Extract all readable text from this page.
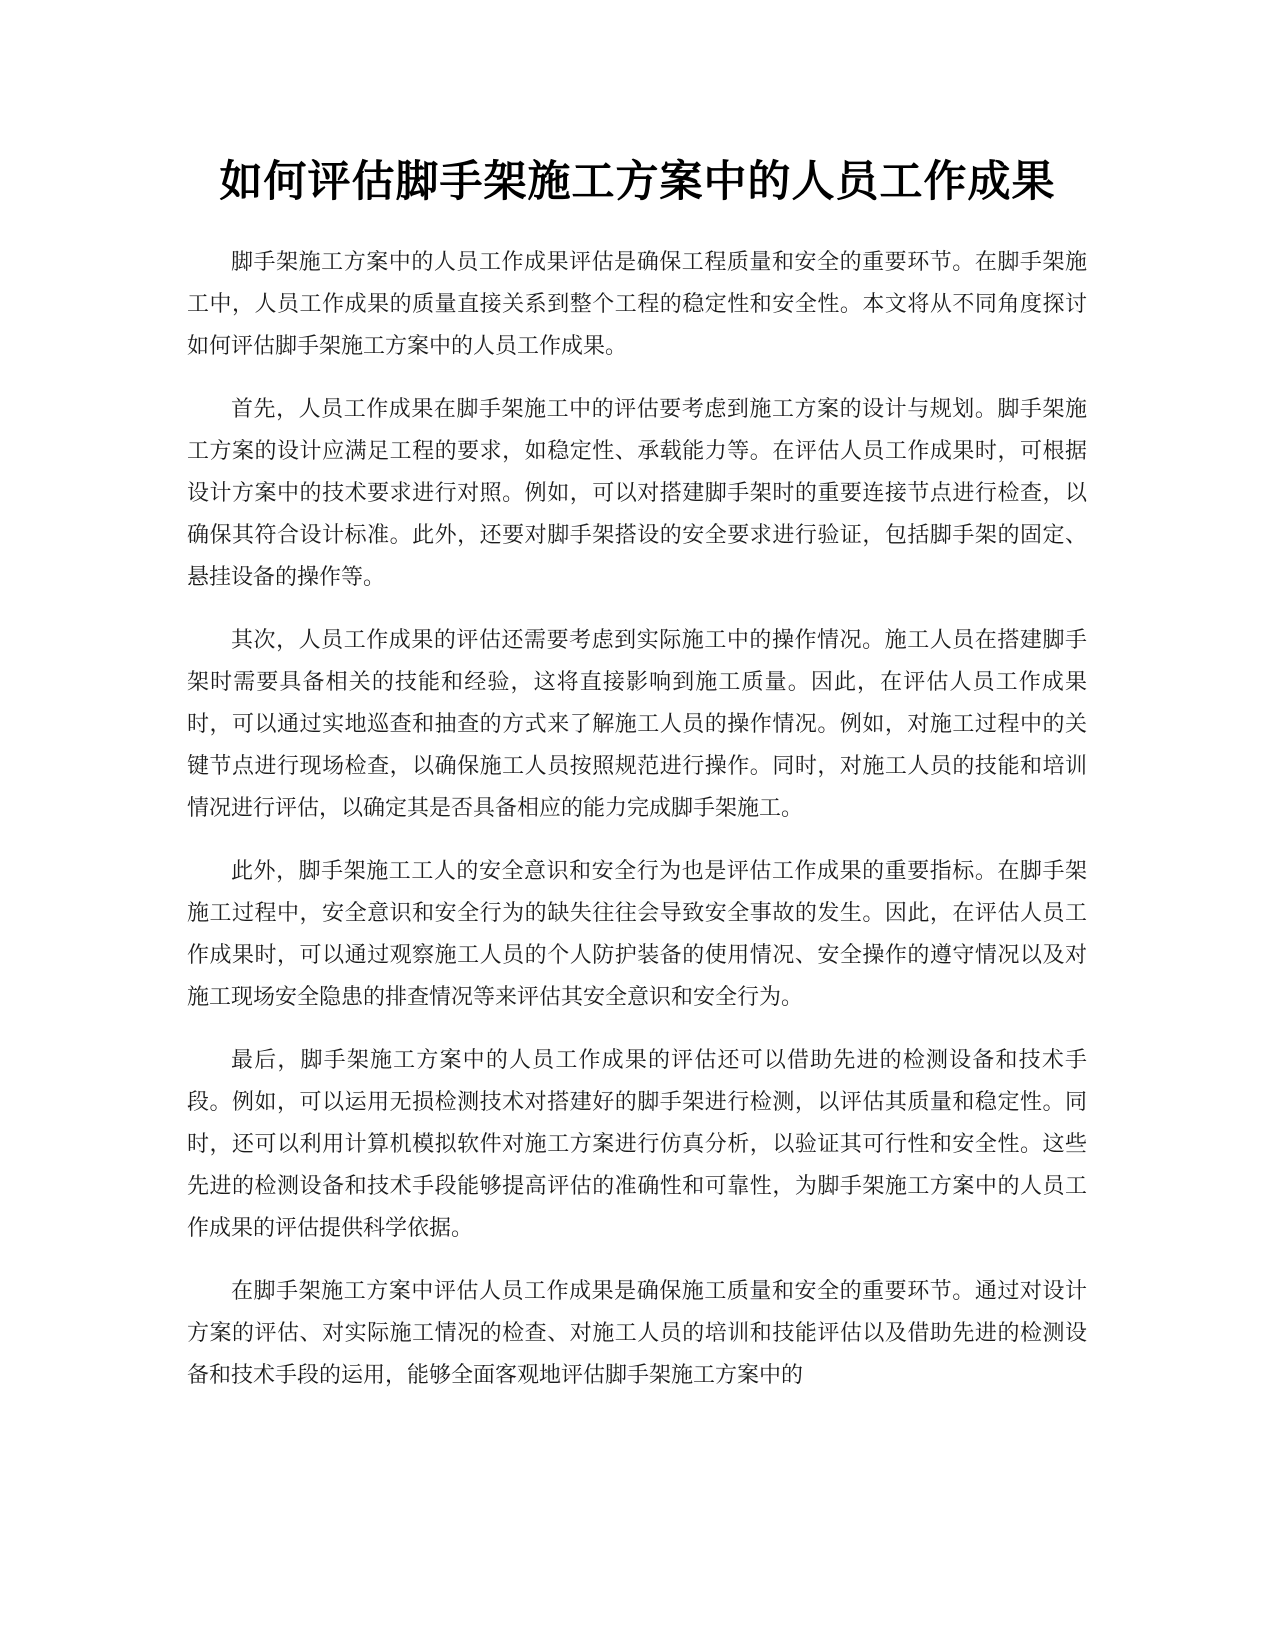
如何评估脚手架施工方案中的人员工作成果

脚手架施工方案中的人员工作成果评估是确保工程质量和安全的重要环节。在脚手架施工中，人员工作成果的质量直接关系到整个工程的稳定性和安全性。本文将从不同角度探讨如何评估脚手架施工方案中的人员工作成果。

首先，人员工作成果在脚手架施工中的评估要考虑到施工方案的设计与规划。脚手架施工方案的设计应满足工程的要求，如稳定性、承载能力等。在评估人员工作成果时，可根据设计方案中的技术要求进行对照。例如，可以对搭建脚手架时的重要连接节点进行检查，以确保其符合设计标准。此外，还要对脚手架搭设的安全要求进行验证，包括脚手架的固定、悬挂设备的操作等。

其次，人员工作成果的评估还需要考虑到实际施工中的操作情况。施工人员在搭建脚手架时需要具备相关的技能和经验，这将直接影响到施工质量。因此，在评估人员工作成果时，可以通过实地巡查和抽查的方式来了解施工人员的操作情况。例如，对施工过程中的关键节点进行现场检查，以确保施工人员按照规范进行操作。同时，对施工人员的技能和培训情况进行评估，以确定其是否具备相应的能力完成脚手架施工。

此外，脚手架施工工人的安全意识和安全行为也是评估工作成果的重要指标。在脚手架施工过程中，安全意识和安全行为的缺失往往会导致安全事故的发生。因此，在评估人员工作成果时，可以通过观察施工人员的个人防护装备的使用情况、安全操作的遵守情况以及对施工现场安全隐患的排查情况等来评估其安全意识和安全行为。

最后，脚手架施工方案中的人员工作成果的评估还可以借助先进的检测设备和技术手段。例如，可以运用无损检测技术对搭建好的脚手架进行检测，以评估其质量和稳定性。同时，还可以利用计算机模拟软件对施工方案进行仿真分析，以验证其可行性和安全性。这些先进的检测设备和技术手段能够提高评估的准确性和可靠性，为脚手架施工方案中的人员工作成果的评估提供科学依据。

在脚手架施工方案中评估人员工作成果是确保施工质量和安全的重要环节。通过对设计方案的评估、对实际施工情况的检查、对施工人员的培训和技能评估以及借助先进的检测设备和技术手段的运用，能够全面客观地评估脚手架施工方案中的
